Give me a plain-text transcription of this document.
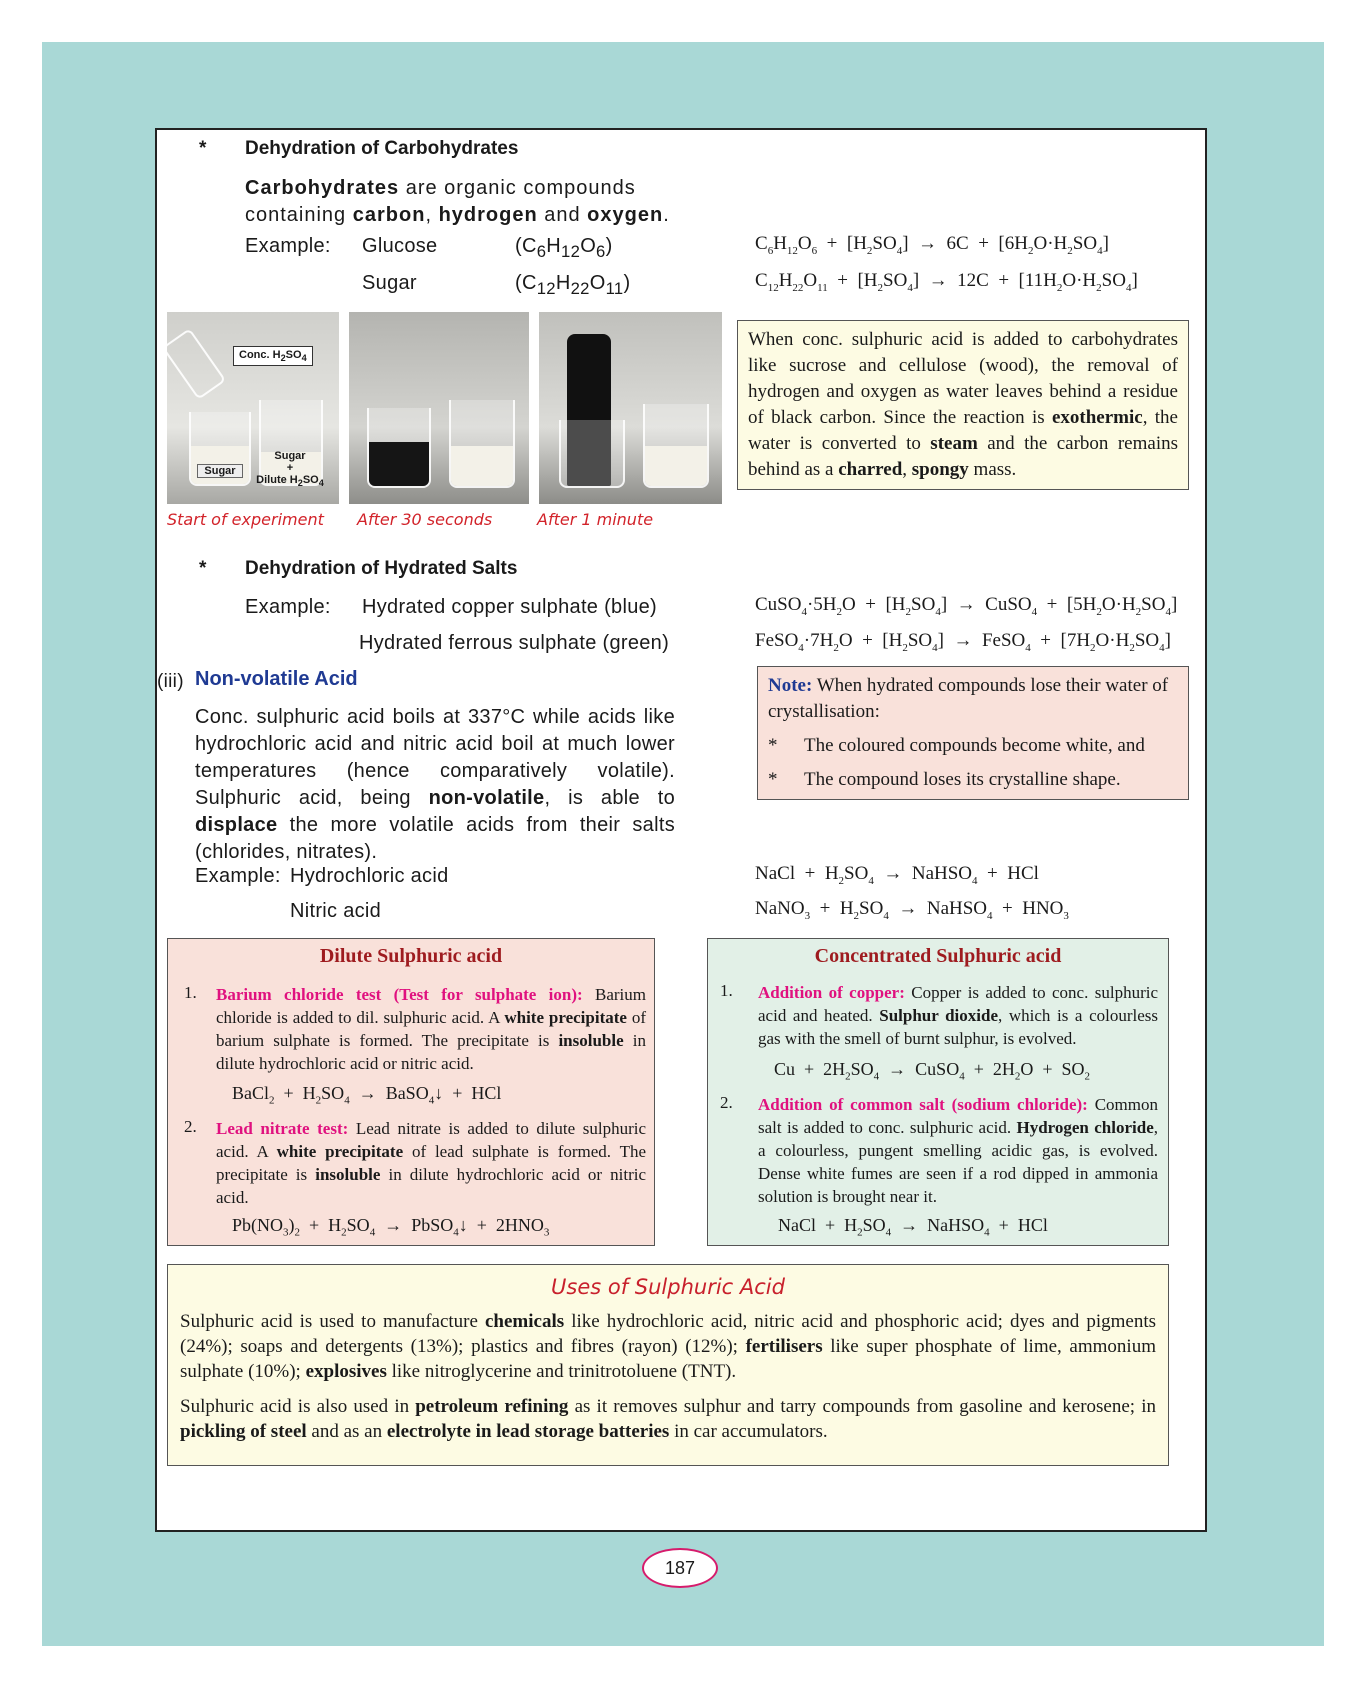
* Dehydration of Carbohydrates
Carbohydrates are organic compounds containing carbon, hydrogen and oxygen.
Example: Glucose	$(C_6H_{12}O_6)$
Sugar	$(C_{12}H_{22}O_{11})$
$C_6H_{12}O_6 + [H_2SO_4] \to 6C + [6H_2O\cdot H_2SO_4]$
$C_{12}H_{22}O_{11} + [H_2SO_4] \to 12C + [11H_2O\cdot H_2SO_4]$
Conc. $H_2SO_4$
Sugar
Sugar
+
Dilute $H_2SO_4$
Start of experiment After 30 seconds	After 1 minute
When conc. sulphuric acid is added to carbohydrates like sucrose and cellulose (wood), the removal of hydrogen and oxygen as water leaves behind a residue of black carbon. Since the reaction is exothermic, the water is converted to steam and the carbon remains behind as a charred, spongy mass.
* Dehydration of Hydrated Salts
Example: Hydrated copper sulphate (blue)
Hydrated ferrous sulphate (green)
$CuSO_4\cdot 5H_2O + [H_2SO_4]$  →  CuSO$_4$  +  $[5H_2O\cdot H_2SO_4]$
$FeSO_4\cdot 7H_2O + [H_2SO_4]$  →  FeSO$_4$  +  $[7H_2O\cdot H_2SO_4]$
(iii) Non-volatile Acid
Conc. sulphuric acid boils at 337°C while acids like hydrochloric acid and nitric acid boil at much lower temperatures (hence comparatively volatile). Sulphuric acid, being non-volatile, is able to displace the more volatile acids from their salts (chlorides, nitrates).
Example: Hydrochloric acid
Nitric acid
NaCl  +  $H_2SO_4$  →  NaHSO$_4$  +  HCl
NaNO$_3$  +  $H_2SO_4$  →  NaHSO$_4$  +  $HNO_3$
Note: When hydrated compounds lose their water of crystallisation:
*	The coloured compounds become white, and
*	The compound loses its crystalline shape.
Dilute Sulphuric acid
1. Barium chloride test (Test for sulphate ion): Barium chloride is added to dil. sulphuric acid. A white precipitate of barium sulphate is formed. The precipitate is insoluble in dilute hydrochloric acid or nitric acid.
BaCl$_2$  +  $H_2SO_4$  →  BaSO$_4$↓  +  HCl
2. Lead nitrate test: Lead nitrate is added to dilute sulphuric acid. A white precipitate of lead sulphate is formed. The precipitate is insoluble in dilute hydrochloric acid or nitric acid.
$Pb(NO_3)_2 + H_2SO_4$  →  PbSO$_4$↓  +  $2HNO_3$
Concentrated Sulphuric acid
1. Addition of copper: Copper is added to conc. sulphuric acid and heated. Sulphur dioxide, which is a colourless gas with the smell of burnt sulphur, is evolved.
$Cu + 2H_2SO_4$  →  CuSO$_4$  +  $2H_2O + SO_2$
2. Addition of common salt (sodium chloride): Common salt is added to conc. sulphuric acid. Hydrogen chloride, a colourless, pungent smelling acidic gas, is evolved. Dense white fumes are seen if a rod dipped in ammonia solution is brought near it.
NaCl  +  $H_2SO_4$  →  NaHSO$_4$  +  HCl
Uses of Sulphuric Acid
Sulphuric acid is used to manufacture chemicals like hydrochloric acid, nitric acid and phosphoric acid; dyes and pigments (24%); soaps and detergents (13%); plastics and fibres (rayon) (12%); fertilisers like super phosphate of lime, ammonium sulphate (10%); explosives like nitroglycerine and trinitrotoluene (TNT).
Sulphuric acid is also used in petroleum refining as it removes sulphur and tarry compounds from gasoline and kerosene; in pickling of steel and as an electrolyte in lead storage batteries in car accumulators.
187
